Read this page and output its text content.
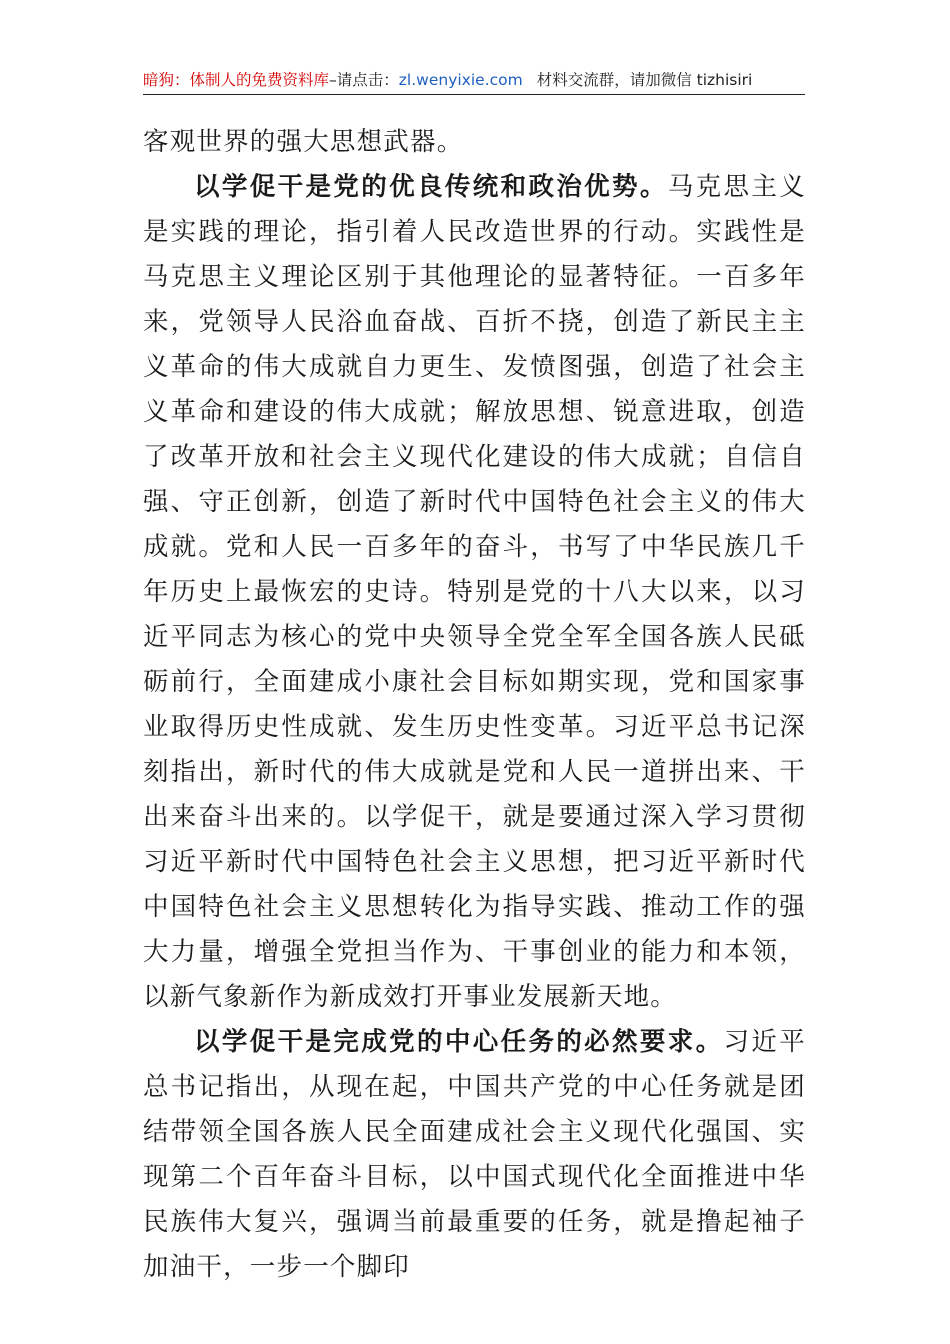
暗狗：体制人的免费资料库–请点击：zl.wenyixie.com 材料交流群，请加微信 tizhisiri

客观世界的强大思想武器。

以学促干是党的优良传统和政治优势。马克思主义是实践的理论，指引着人民改造世界的行动。实践性是马克思主义理论区别于其他理论的显著特征。一百多年来，党领导人民浴血奋战、百折不挠，创造了新民主主义革命的伟大成就自力更生、发愤图强，创造了社会主义革命和建设的伟大成就；解放思想、锐意进取，创造了改革开放和社会主义现代化建设的伟大成就；自信自强、守正创新，创造了新时代中国特色社会主义的伟大成就。党和人民一百多年的奋斗，书写了中华民族几千年历史上最恢宏的史诗。特别是党的十八大以来，以习近平同志为核心的党中央领导全党全军全国各族人民砥砺前行，全面建成小康社会目标如期实现，党和国家事业取得历史性成就、发生历史性变革。习近平总书记深刻指出，新时代的伟大成就是党和人民一道拼出来、干出来奋斗出来的。以学促干，就是要通过深入学习贯彻习近平新时代中国特色社会主义思想，把习近平新时代中国特色社会主义思想转化为指导实践、推动工作的强大力量，增强全党担当作为、干事创业的能力和本领，以新气象新作为新成效打开事业发展新天地。

以学促干是完成党的中心任务的必然要求。习近平总书记指出，从现在起，中国共产党的中心任务就是团结带领全国各族人民全面建成社会主义现代化强国、实现第二个百年奋斗目标，以中国式现代化全面推进中华民族伟大复兴，强调当前最重要的任务，就是撸起袖子加油干，一步一个脚印
